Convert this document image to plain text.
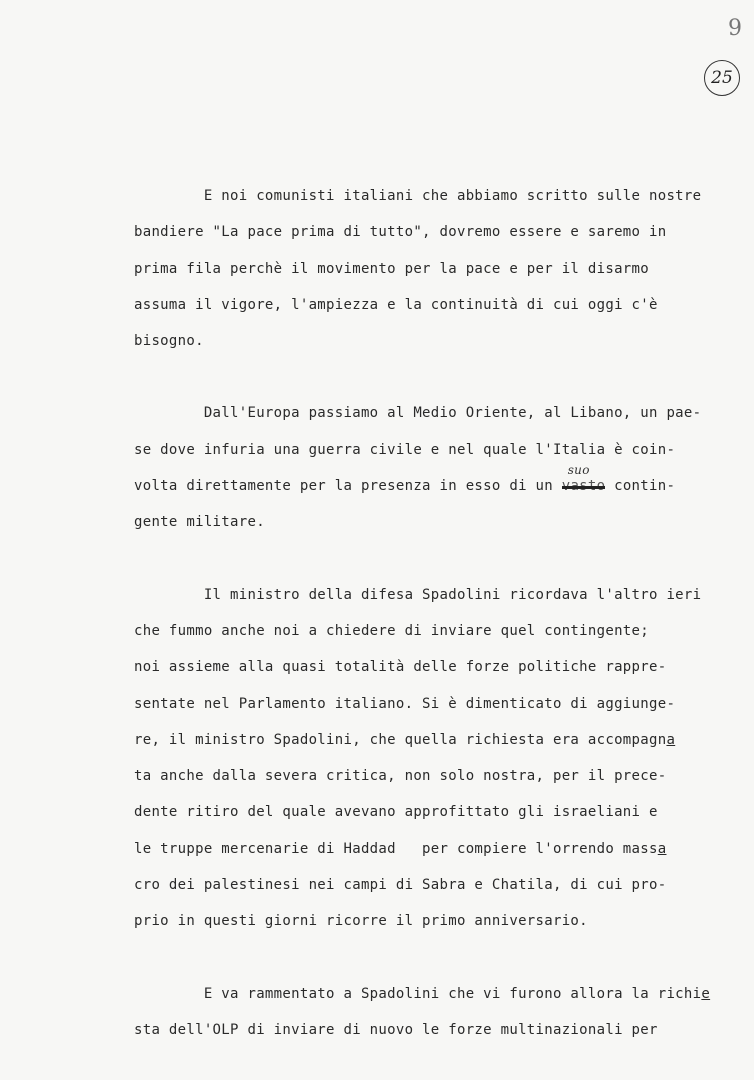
9
25
E noi comunisti italiani che abbiamo scritto sulle nostre
bandiere "La pace prima di tutto", dovremo essere e saremo in
prima fila perchè il movimento per la pace e per il disarmo
assuma il vigore, l'ampiezza e la continuità di cui oggi c'è
bisogno.
Dall'Europa passiamo al Medio Oriente, al Libano, un pae-
se dove infuria una guerra civile e nel quale l'Italia è coin-
volta direttamente per la presenza in esso di un
suo
vasto contin-
gente militare.
Il ministro della difesa Spadolini ricordava l'altro ieri
che fummo anche noi a chiedere di inviare quel contingente;
noi assieme alla quasi totalità delle forze politiche rappre-
sentate nel Parlamento italiano. Si è dimenticato di aggiunge-
re, il ministro Spadolini, che quella richiesta era accompagna
ta anche dalla severa critica, non solo nostra, per il prece-
dente ritiro del quale avevano approfittato gli israeliani e
le truppe mercenarie di Haddad   per compiere l'orrendo massa
cro dei palestinesi nei campi di Sabra e Chatila, di cui pro-
prio in questi giorni ricorre il primo anniversario.
E va rammentato a Spadolini che vi furono allora la richie
sta dell'OLP di inviare di nuovo le forze multinazionali per
